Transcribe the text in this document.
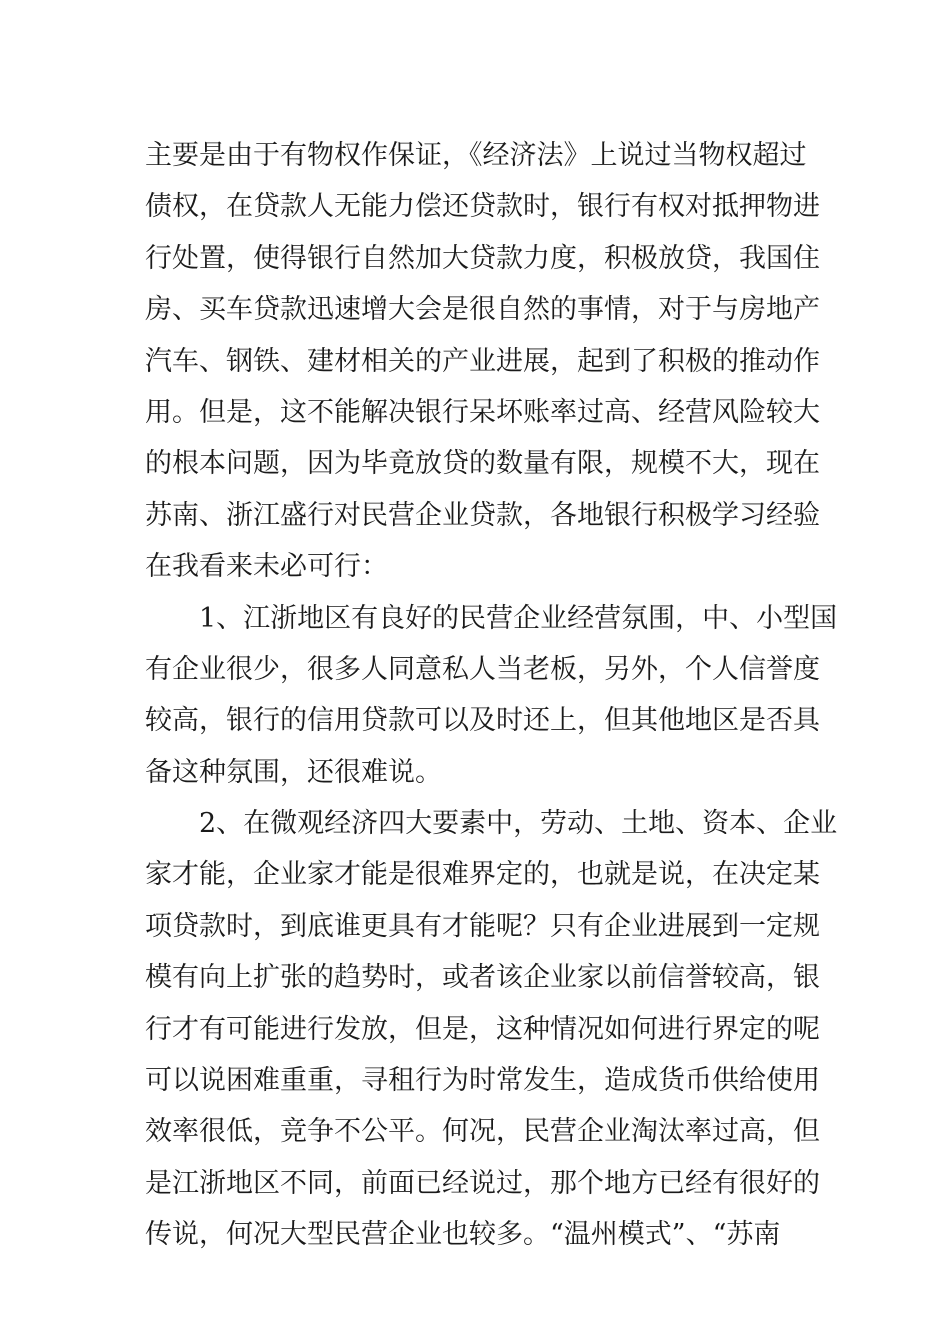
主要是由于有物权作保证，《经济法》上说过当物权超过
债权，在贷款人无能力偿还贷款时，银行有权对抵押物进
行处置，使得银行自然加大贷款力度，积极放贷，我国住
房、买车贷款迅速增大会是很自然的事情，对于与房地产
汽车、钢铁、建材相关的产业进展，起到了积极的推动作
用。但是，这不能解决银行呆坏账率过高、经营风险较大
的根本问题，因为毕竟放贷的数量有限，规模不大，现在
苏南、浙江盛行对民营企业贷款，各地银行积极学习经验
在我看来未必可行：
1、江浙地区有良好的民营企业经营氛围，中、小型国
有企业很少，很多人同意私人当老板，另外，个人信誉度
较高，银行的信用贷款可以及时还上，但其他地区是否具
备这种氛围，还很难说。
2、在微观经济四大要素中，劳动、土地、资本、企业
家才能，企业家才能是很难界定的，也就是说，在决定某
项贷款时，到底谁更具有才能呢？只有企业进展到一定规
模有向上扩张的趋势时，或者该企业家以前信誉较高，银
行才有可能进行发放，但是，这种情况如何进行界定的呢
可以说困难重重，寻租行为时常发生，造成货币供给使用
效率很低，竞争不公平。何况，民营企业淘汰率过高，但
是江浙地区不同，前面已经说过，那个地方已经有很好的
传说，何况大型民营企业也较多。“温州模式”、“苏南
